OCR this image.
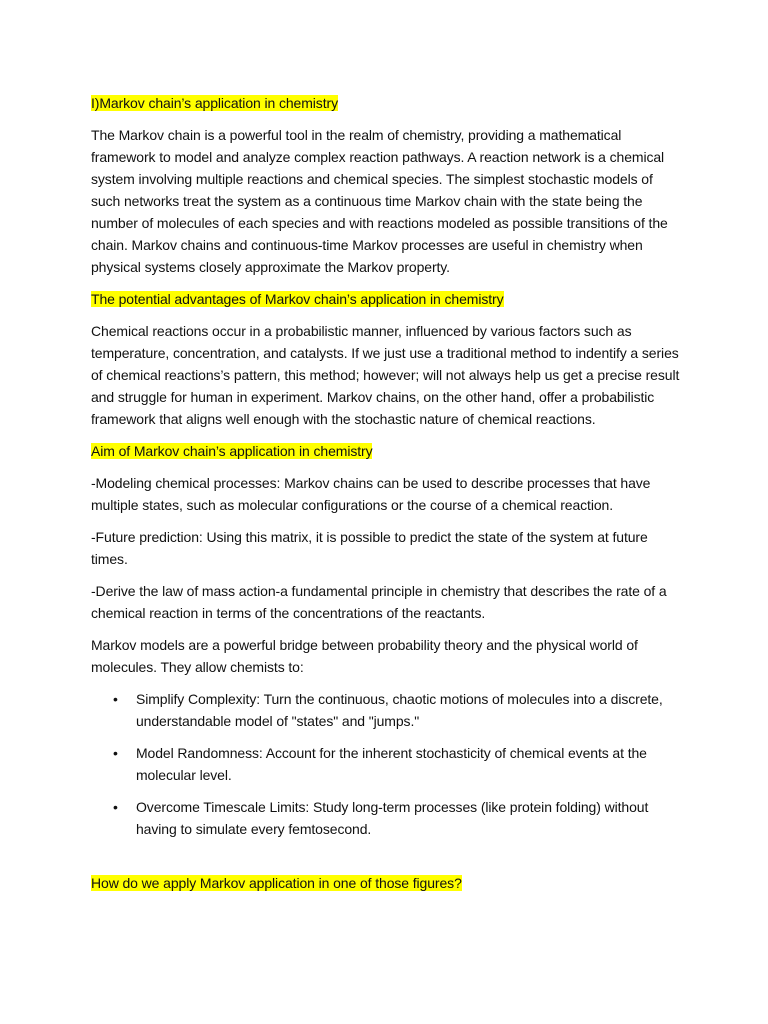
I)Markov chain’s application in chemistry

The Markov chain is a powerful tool in the realm of chemistry, providing a mathematical framework to model and analyze complex reaction pathways. A reaction network is a chemical system involving multiple reactions and chemical species. The simplest stochastic models of such networks treat the system as a continuous time Markov chain with the state being the number of molecules of each species and with reactions modeled as possible transitions of the chain. Markov chains and continuous-time Markov processes are useful in chemistry when physical systems closely approximate the Markov property.

The potential advantages of Markov chain’s application in chemistry

Chemical reactions occur in a probabilistic manner, influenced by various factors such as temperature, concentration, and catalysts. If we just use a traditional method to indentify a series of chemical reactions’s pattern, this method; however; will not always help us get a precise result and struggle for human in experiment. Markov chains, on the other hand, offer a probabilistic framework that aligns well enough with the stochastic nature of chemical reactions.

Aim of Markov chain’s application in chemistry

-Modeling chemical processes: Markov chains can be used to describe processes that have multiple states, such as molecular configurations or the course of a chemical reaction.

-Future prediction: Using this matrix, it is possible to predict the state of the system at future times.

-Derive the law of mass action-a fundamental principle in chemistry that describes the rate of a chemical reaction in terms of the concentrations of the reactants.

Markov models are a powerful bridge between probability theory and the physical world of molecules. They allow chemists to:

• Simplify Complexity: Turn the continuous, chaotic motions of molecules into a discrete, understandable model of "states" and "jumps."
• Model Randomness: Account for the inherent stochasticity of chemical events at the molecular level.
• Overcome Timescale Limits: Study long-term processes (like protein folding) without having to simulate every femtosecond.

How do we apply Markov application in one of those figures?
